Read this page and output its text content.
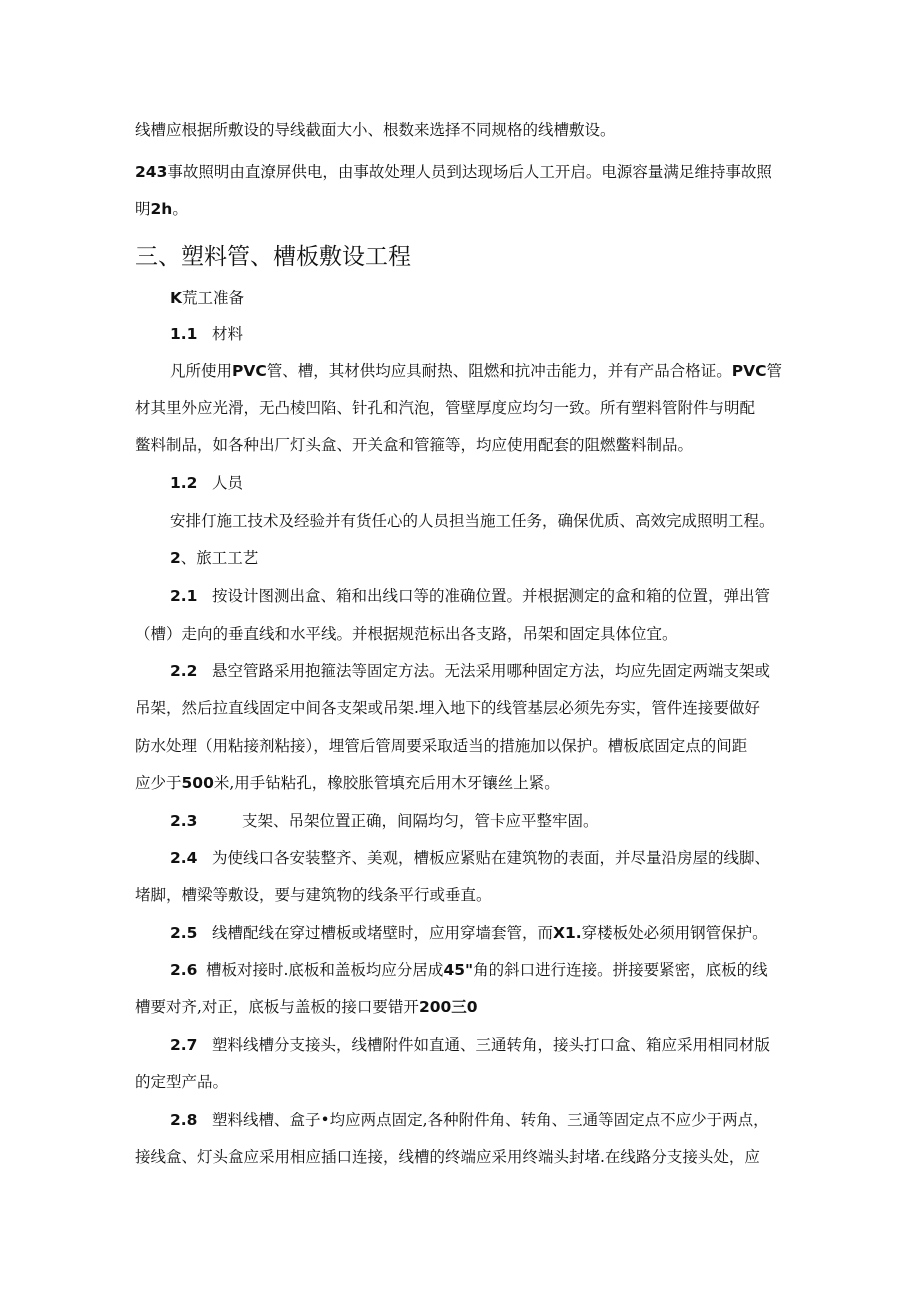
线槽应根据所敷设的导线截面大小、根数来选择不同规格的线槽敷设。
243事故照明由直潦屏供电，由事故处理人员到达现场后人工开启。电源容量满足维持事故照
明2h。
三、塑料管、槽板敷设工程
K荒工准备
1.1 材料
凡所使用PVC管、槽，其材供均应具耐热、阻燃和抗冲击能力，并有产品合格证。PVC管
材其里外应光滑，无凸棱凹陷、针孔和汽泡，管壁厚度应均匀一致。所有塑料管附件与明配
鳖料制品，如各种出厂灯头盒、开关盒和管箍等，均应使用配套的阻燃鳖料制品。
1.2 人员
安排仃施工技术及经验并有货任心的人员担当施工任务，确保优质、高效完成照明工程。
2、旅工工艺
2.1 按设计图测出盒、箱和出线口等的准确位置。并根据测定的盒和箱的位置，弹出管
（槽）走向的垂直线和水平线。并根据规范标出各支路，吊架和固定具体位宜。
2.2 悬空管路采用抱箍法等固定方法。无法采用哪种固定方法，均应先固定两端支架或
吊架，然后拉直线固定中间各支架或吊架.埋入地下的线管基层必须先夯实，管件连接要做好
防水处理（用粘接剂粘接），埋管后管周要采取适当的措施加以保护。槽板底固定点的间距
应少于500米,用手钻粘孔，橡胶胀管填充后用木牙镶丝上紧。
2.3	支架、吊架位置正确，间隔均匀，管卡应平整牢固。
2.4 为使线口各安装整齐、美观，槽板应紧贴在建筑物的表面，并尽量沿房屋的线脚、
堵脚，槽梁等敷设，要与建筑物的线条平行或垂直。
2.5 线槽配线在穿过槽板或堵壁时，应用穿墙套管，而X1.穿楼板处必须用钢管保护。
2.6 槽板对接时.底板和盖板均应分居成45"角的斜口进行连接。拼接要紧密，底板的线
槽要对齐,对正，底板与盖板的接口要错开200三0
2.7 塑料线槽分支接头，线槽附件如直通、三通转角，接头打口盒、箱应采用相同材版
的定型产品。
2.8 塑料线槽、盒子•均应两点固定,各种附件角、转角、三通等固定点不应少于两点，
接线盒、灯头盒应采用相应插口连接，线槽的终端应采用终端头封堵.在线路分支接头处，应
